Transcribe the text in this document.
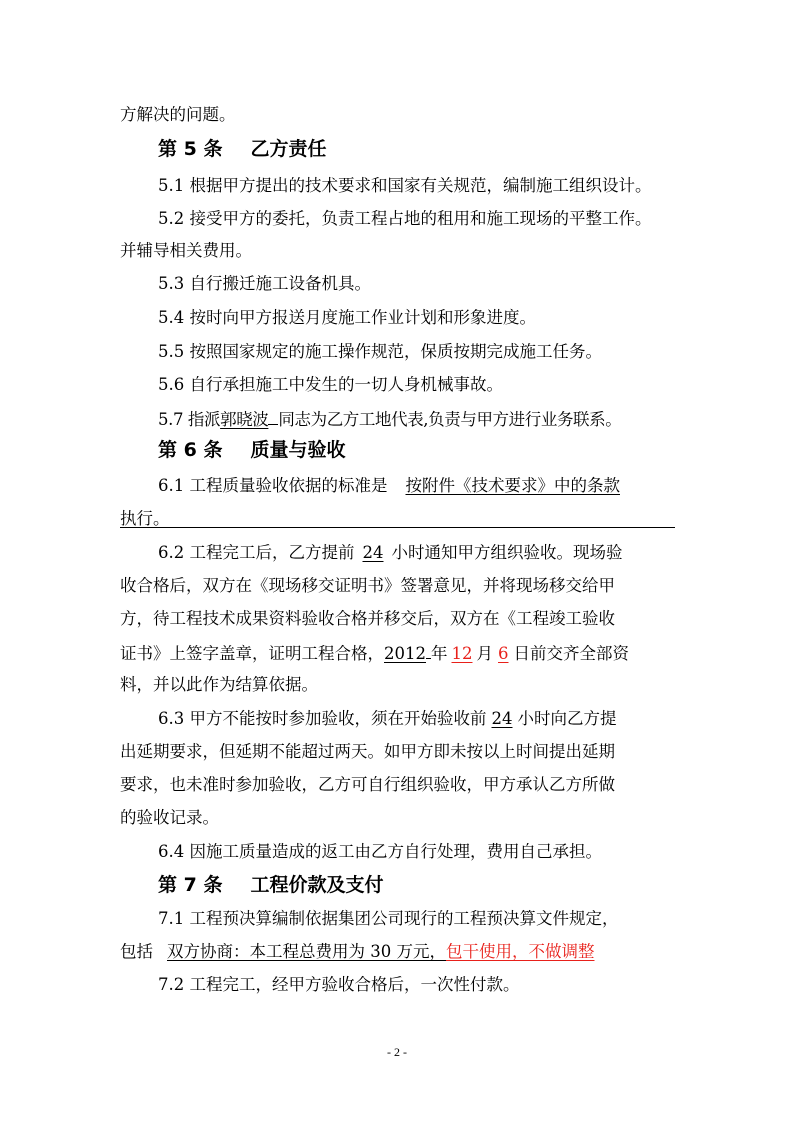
方解决的问题。
第 5 条 乙方责任
5.1 根据甲方提出的技术要求和国家有关规范，编制施工组织设计。
5.2 接受甲方的委托，负责工程占地的租用和施工现场的平整工作。
并辅导相关费用。
5.3 自行搬迁施工设备机具。
5.4 按时向甲方报送月度施工作业计划和形象进度。
5.5 按照国家规定的施工操作规范，保质按期完成施工任务。
5.6 自行承担施工中发生的一切人身机械事故。
5.7 指派郭晓波 同志为乙方工地代表,负责与甲方进行业务联系。
第 6 条 质量与验收
6.1 工程质量验收依据的标准是 按附件《技术要求》中的条款
执行。
6.2 工程完工后，乙方提前 24 小时通知甲方组织验收。现场验
收合格后，双方在《现场移交证明书》签署意见，并将现场移交给甲
方，待工程技术成果资料验收合格并移交后，双方在《工程竣工验收
证书》上签字盖章，证明工程合格，2012 年 12 月 6 日前交齐全部资
料，并以此作为结算依据。
6.3 甲方不能按时参加验收，须在开始验收前 24 小时向乙方提
出延期要求，但延期不能超过两天。如甲方即未按以上时间提出延期
要求，也未准时参加验收，乙方可自行组织验收，甲方承认乙方所做
的验收记录。
6.4 因施工质量造成的返工由乙方自行处理，费用自己承担。
第 7 条 工程价款及支付
7.1 工程预决算编制依据集团公司现行的工程预决算文件规定，
包括 双方协商：本工程总费用为 30 万元，包干使用，不做调整
7.2 工程完工，经甲方验收合格后，一次性付款。
- 2 -
